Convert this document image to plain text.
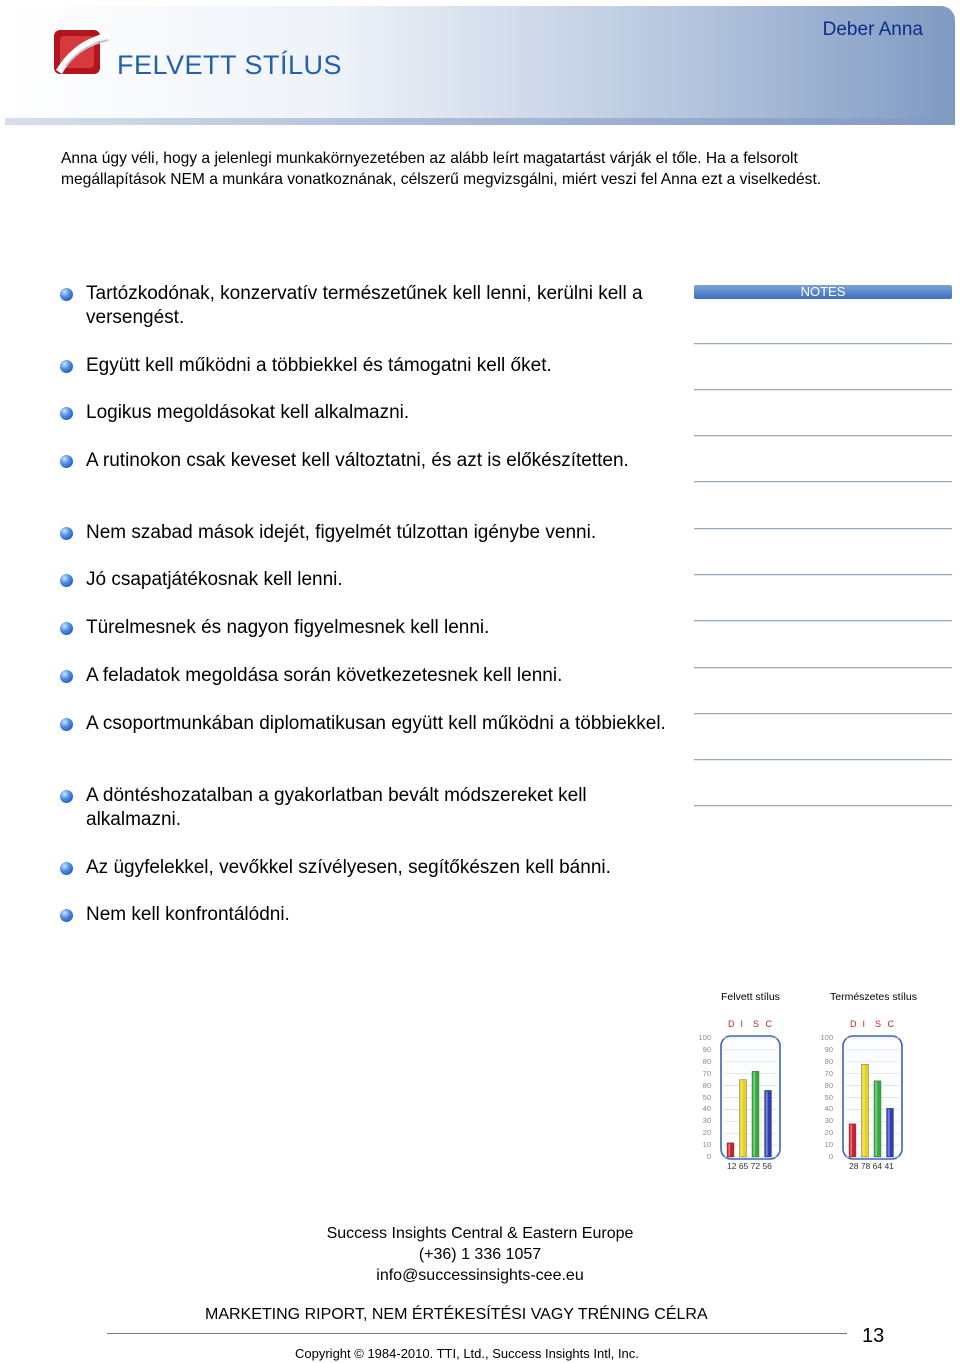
FELVETT STÍLUS
Deber Anna
Anna úgy véli, hogy a jelenlegi munkakörnyezetében az alább leírt magatartást várják el tőle. Ha a felsorolt megállapítások NEM a munkára vonatkoznának, célszerű megvizsgálni, miért veszi fel Anna ezt a viselkedést.
Tartózkodónak, konzervatív természetűnek kell lenni, kerülni kell a versengést.
Együtt kell működni a többiekkel és támogatni kell őket.
Logikus megoldásokat kell alkalmazni.
A rutinokon csak keveset kell változtatni, és azt is előkészítetten.
Nem szabad mások idejét, figyelmét túlzottan igénybe venni.
Jó csapatjátékosnak kell lenni.
Türelmesnek és nagyon figyelmesnek kell lenni.
A feladatok megoldása során következetesnek kell lenni.
A csoportmunkában diplomatikusan együtt kell működni a többiekkel.
A döntéshozatalban a gyakorlatban bevált módszereket kell alkalmazni.
Az ügyfelekkel, vevőkkel szívélyesen, segítőkészen kell bánni.
Nem kell konfrontálódni.
NOTES
Felvett stílus
100
90
80
70
80
50
40
30
20
10
0
D I S C
12 65 72 56
Természetes stílus
100
90
80
70
80
50
40
30
20
10
0
D I S C
28 78 64 41
Success Insights Central & Eastern Europe
(+36) 1 336 1057
info@successinsights-cee.eu
MARKETING RIPORT, NEM ÉRTÉKESÍTÉSI VAGY TRÉNING CÉLRA
13
Copyright © 1984-2010. TTI, Ltd., Success Insights Intl, Inc.
